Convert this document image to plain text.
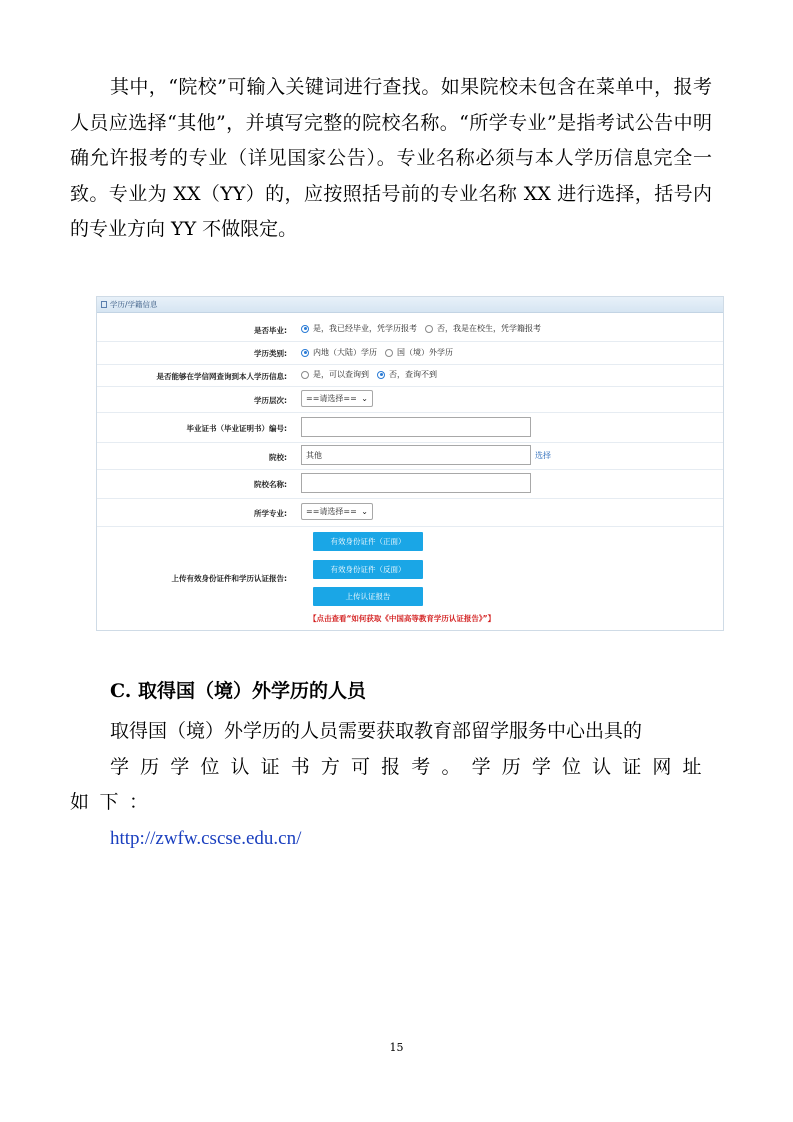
其中，“院校”可输入关键词进行查找。如果院校未包含在菜单中，报考人员应选择“其他”，并填写完整的院校名称。“所学专业”是指考试公告中明确允许报考的专业（详见国家公告）。专业名称必须与本人学历信息完全一致。专业为 XX（YY）的，应按照括号前的专业名称 XX 进行选择，括号内的专业方向 YY 不做限定。
学历/学籍信息
是否毕业:	是，我已经毕业，凭学历报考	否，我是在校生，凭学籍报考
学历类别:	内地（大陆）学历	国（境）外学历
是否能够在学信网查询到本人学历信息:	是，可以查询到	否，查询不到
学历层次: ==请选择== ⌄
毕业证书（毕业证明书）编号:
院校:	其他	选择
院校名称:
所学专业: ==请选择== ⌄
上传有效身份证件和学历认证报告:
有效身份证件（正面）
有效身份证件（反面）
上传认证报告
【点击查看“如何获取《中国高等教育学历认证报告》”】
C. 取得国（境）外学历的人员
取得国（境）外学历的人员需要获取教育部留学服务中心出具的
学历学位认证书方可报考。学历学位认证网址如下：
http://zwfw.cscse.edu.cn/
15
